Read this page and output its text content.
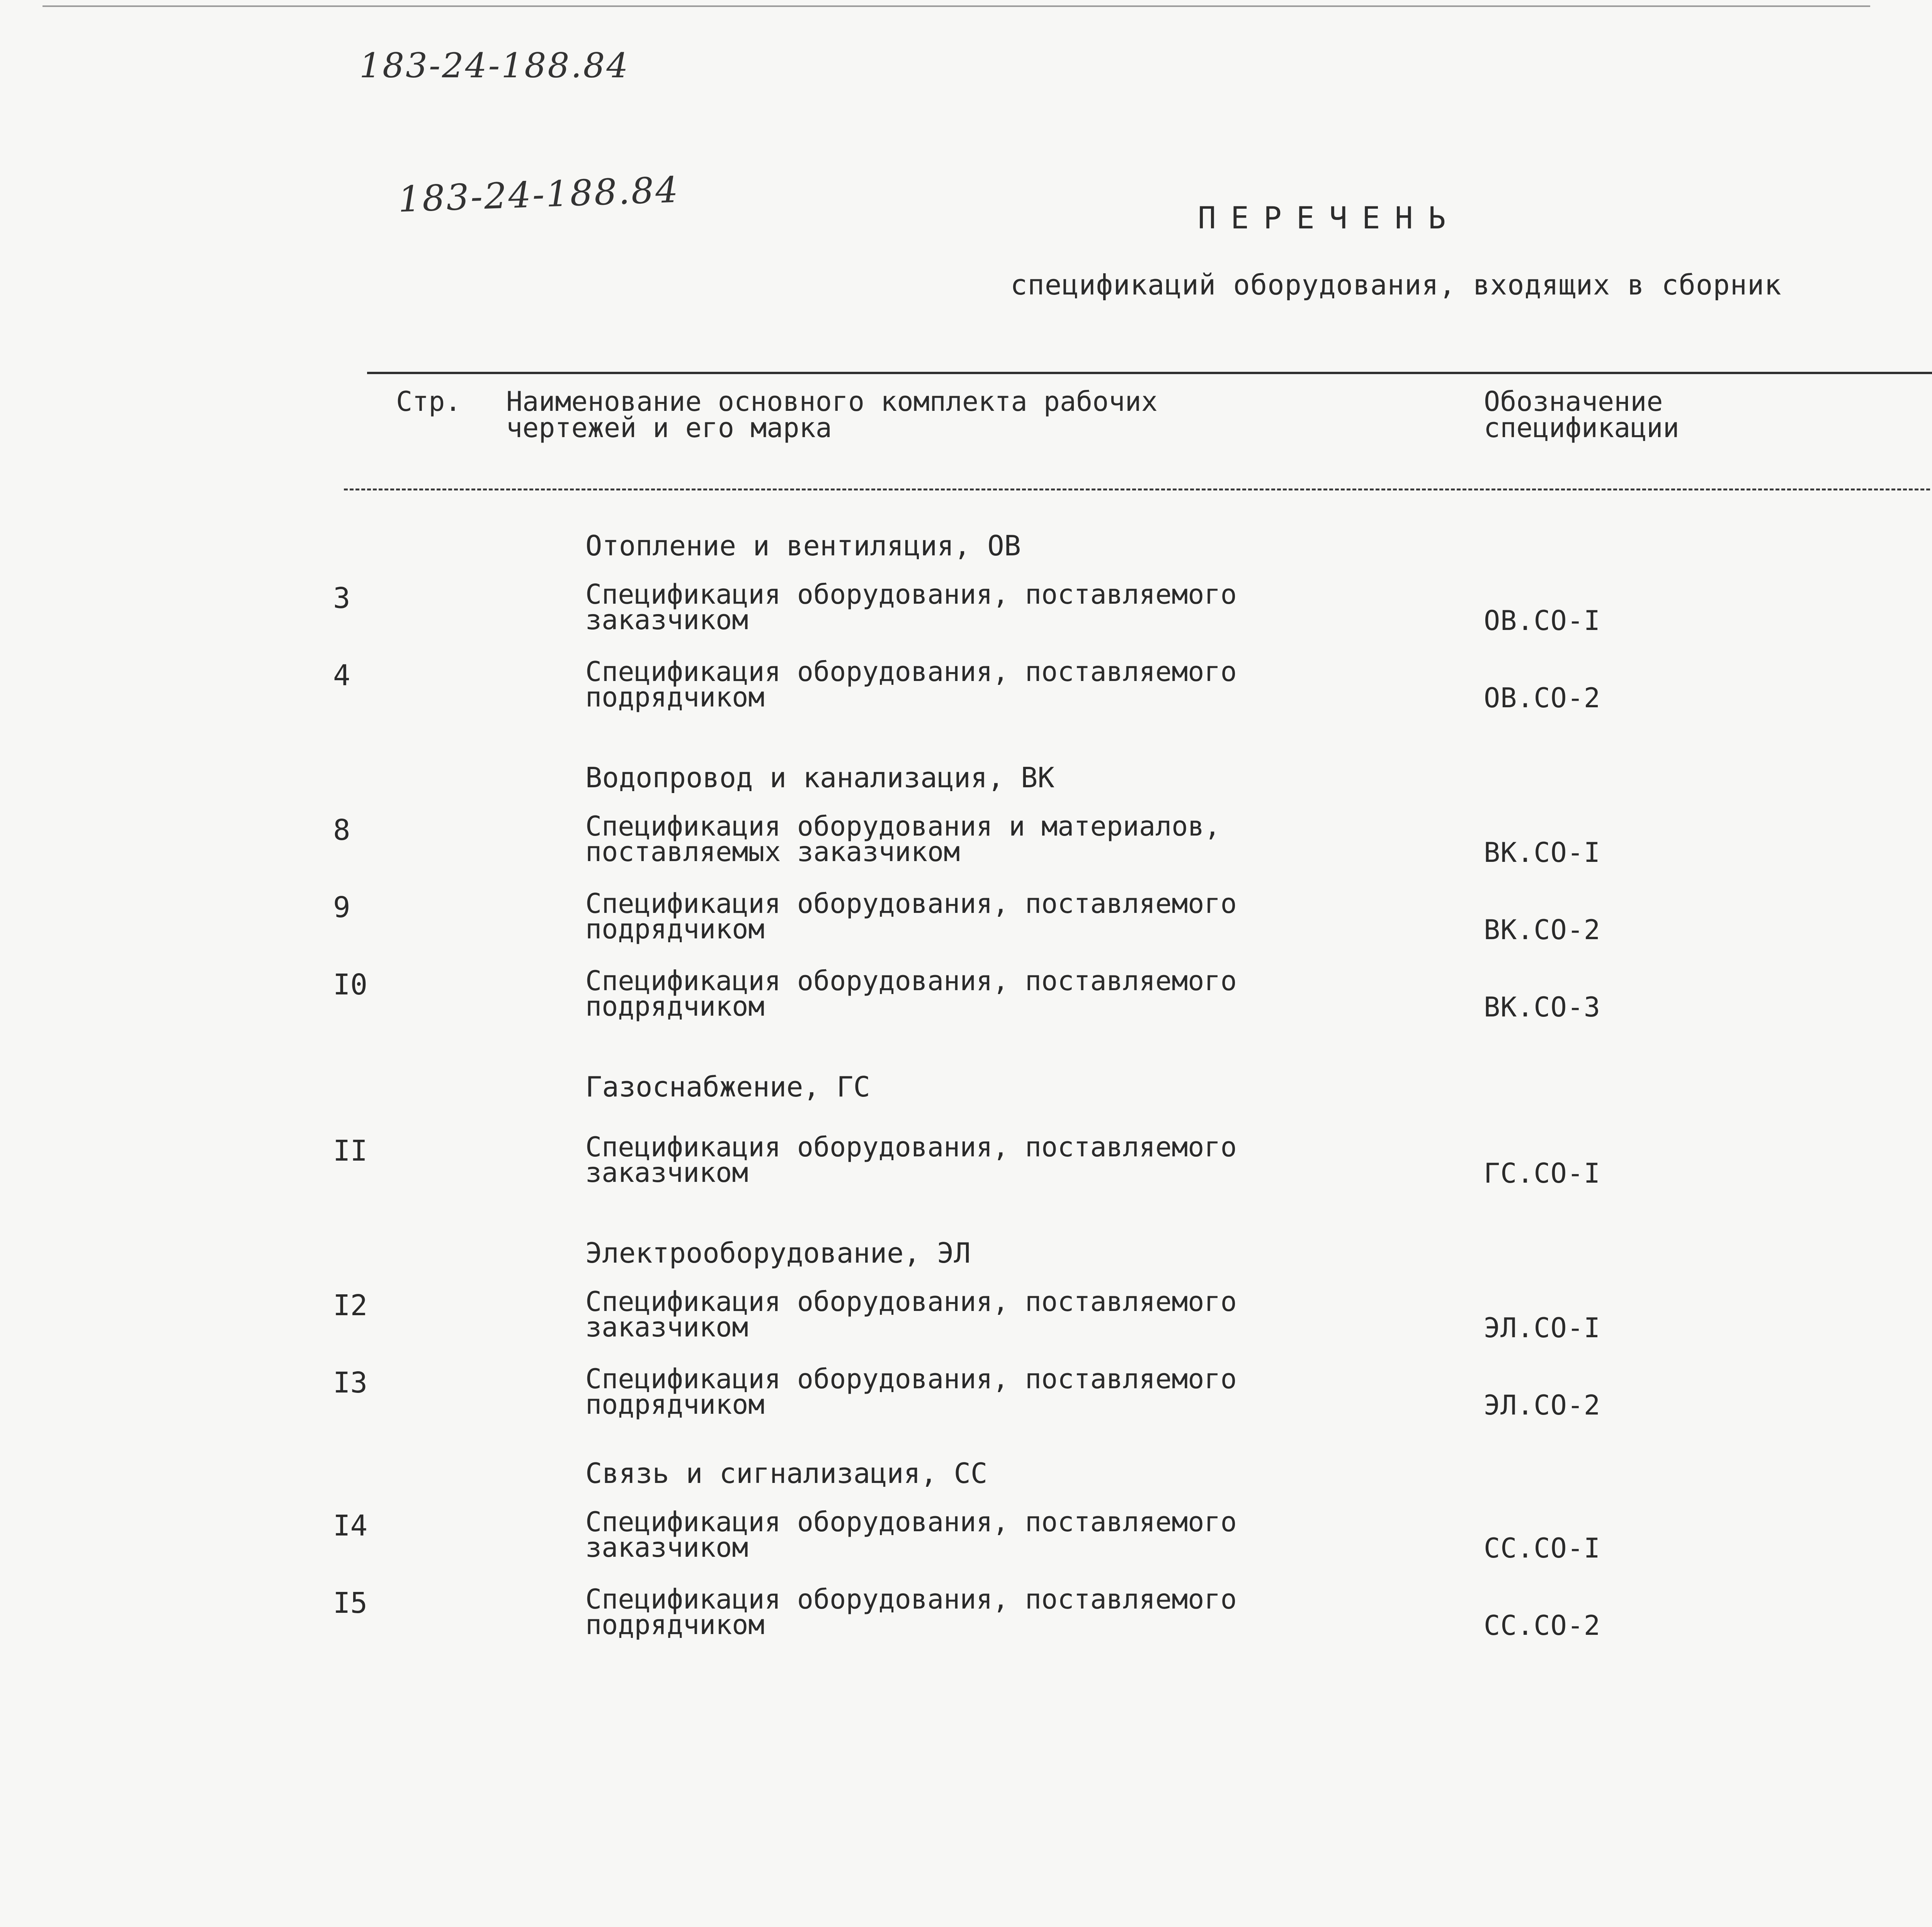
183-24-188.84
183-24-188.84	ПЕРЕЧЕНЬ
спецификаций оборудования, входящих в сборник
Стр. Наименование основного комплекта рабочих
чертежей и его марка
Обозначение
спецификации
Отопление и вентиляция, ОВ
3	Спецификация оборудования, поставляемого
заказчиком	ОВ.СО-I
4	Спецификация оборудования, поставляемого
подрядчиком	ОВ.СО-2
Водопровод и канализация, ВК
8	Спецификация оборудования и материалов,
поставляемых заказчиком	ВК.СО-I
9	Спецификация оборудования, поставляемого
подрядчиком	ВК.СО-2
I0	Спецификация оборудования, поставляемого
подрядчиком	ВК.СО-3
Газоснабжение, ГС
II	Спецификация оборудования, поставляемого
заказчиком	ГС.СО-I
Электрооборудование, ЭЛ
I2	Спецификация оборудования, поставляемого
заказчиком	ЭЛ.СО-I
I3	Спецификация оборудования, поставляемого
подрядчиком	ЭЛ.СО-2
Связь и сигнализация, СС
I4	Спецификация оборудования, поставляемого
заказчиком	СС.СО-I
I5	Спецификация оборудования, поставляемого
подрядчиком	СС.СО-2
